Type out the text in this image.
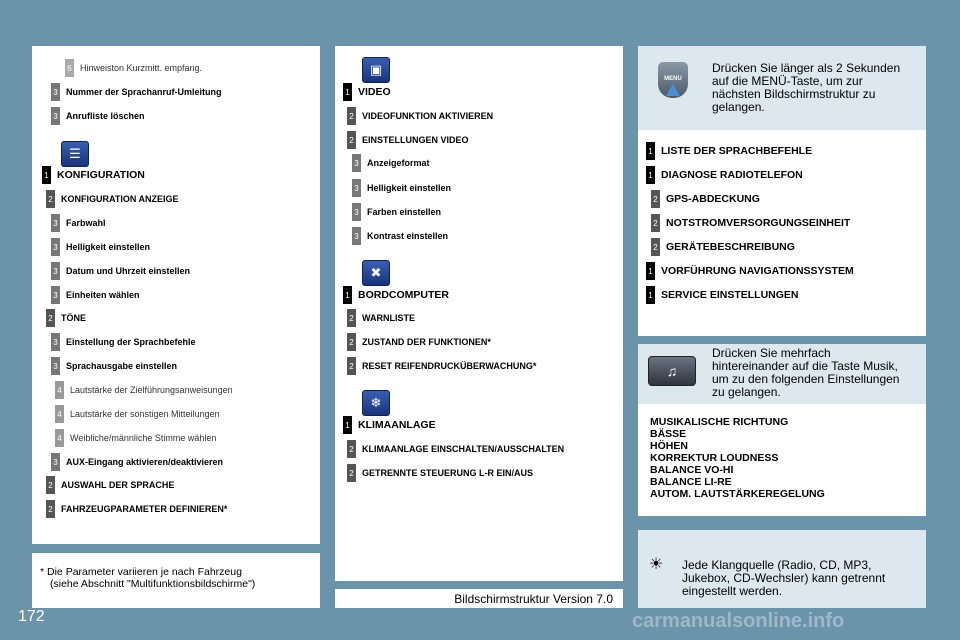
☰
▣
✖
❄
6 Hinweiston Kurzmitt. empfang.
3 Nummer der Sprachanruf-Umleitung
3 Anrufliste löschen
1 KONFIGURATION
2 KONFIGURATION ANZEIGE
3 Farbwahl
3 Helligkeit einstellen
3 Datum und Uhrzeit einstellen
3 Einheiten wählen
2 TÖNE
3 Einstellung der Sprachbefehle
3 Sprachausgabe einstellen
4 Lautstärke der Zielführungsanweisungen
4 Lautstärke der sonstigen Mitteilungen
4 Weibliche/männliche Stimme wählen
3 AUX-Eingang aktivieren/deaktivieren
2 AUSWAHL DER SPRACHE
2 FAHRZEUGPARAMETER DEFINIEREN*
1 VIDEO
2 VIDEOFUNKTION AKTIVIEREN
2 EINSTELLUNGEN VIDEO
3 Anzeigeformat
3 Helligkeit einstellen
3 Farben einstellen
3 Kontrast einstellen
1 BORDCOMPUTER
2 WARNLISTE
2 ZUSTAND DER FUNKTIONEN*
2 RESET REIFENDRUCKÜBERWACHUNG*
1 KLIMAANLAGE
2 KLIMAANLAGE EINSCHALTEN/AUSSCHALTEN
2 GETRENNTE STEUERUNG L-R EIN/AUS
1 LISTE DER SPRACHBEFEHLE
1 DIAGNOSE RADIOTELEFON
2 GPS-ABDECKUNG
2 NOTSTROMVERSORGUNGSEINHEIT
2 GERÄTEBESCHREIBUNG
1 VORFÜHRUNG NAVIGATIONSSYSTEM
1 SERVICE EINSTELLUNGEN
MENU
Drücken Sie länger als 2 Sekunden
auf die MENÜ-Taste, um zur
nächsten Bildschirmstruktur zu
gelangen.
♫
Drücken Sie mehrfach
hintereinander auf die Taste Musik,
um zu den folgenden Einstellungen
zu gelangen.
MUSIKALISCHE RICHTUNG
BÄSSE
HÖHEN
KORREKTUR LOUDNESS
BALANCE VO-HI
BALANCE LI-RE
AUTOM. LAUTSTÄRKEREGELUNG
☀ Jede Klangquelle (Radio, CD, MP3,
Jukebox, CD-Wechsler) kann getrennt
eingestellt werden.
* Die Parameter variieren je nach Fahrzeug
(siehe Abschnitt "Multifunktionsbildschirme")
Bildschirmstruktur Version 7.0
172	carmanualsonline.info
